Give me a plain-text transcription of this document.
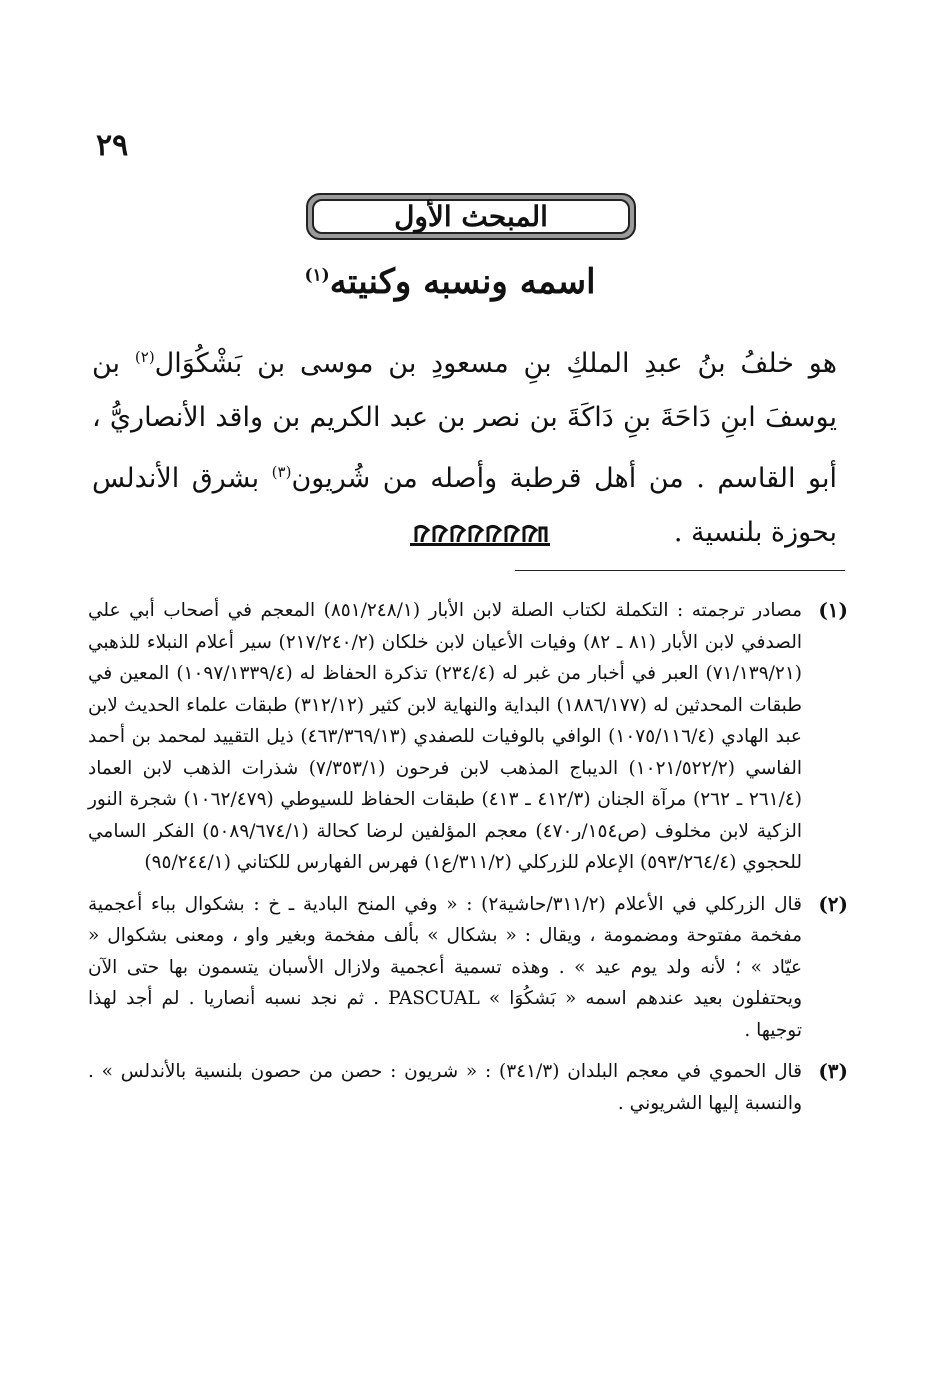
٢٩
المبحث الأول
اسمه ونسبه وكنيته$^{(١)}$
هو خلفُ بنُ عبدِ الملكِ بنِ مسعودِ بن موسى بن بَشْكُوَال$^{(٢)}$ بن يوسفَ ابنِ دَاحَةَ بنِ دَاكَةَ بن نصر بن عبد الكريم بن واقد الأنصاريُّ ، أبو القاسم . من أهل قرطبة وأصله من شُريون$^{(٣)}$ بشرق الأندلس بحوزة بلنسية .
(١)
مصادر ترجمته : التكملة لكتاب الصلة لابن الأبار (٨٥١/٢٤٨/١) المعجم في أصحاب أبي علي الصدفي لابن الأبار (٨١ ـ ٨٢) وفيات الأعيان لابن خلكان (٢١٧/٢٤٠/٢) سير أعلام النبلاء للذهبي (٧١/١٣٩/٢١) العبر في أخبار من غبر له (٢٣٤/٤) تذكرة الحفاظ له (١٠٩٧/١٣٣٩/٤) المعين في طبقات المحدثين له (١٨٨٦/١٧٧) البداية والنهاية لابن كثير (٣١٢/١٢) طبقات علماء الحديث لابن عبد الهادي (١٠٧٥/١١٦/٤) الوافي بالوفيات للصفدي (٤٦٣/٣٦٩/١٣) ذيل التقييد لمحمد بن أحمد الفاسي (١٠٢١/٥٢٢/٢) الديباج المذهب لابن فرحون (٧/٣٥٣/١) شذرات الذهب لابن العماد (٢٦١/٤ ـ ٢٦٢) مرآة الجنان (٤١٢/٣ ـ ٤١٣) طبقات الحفاظ للسيوطي (١٠٦٢/٤٧٩) شجرة النور الزكية لابن مخلوف (ص١٥٤/ر٤٧٠) معجم المؤلفين لرضا كحالة (٥٠٨٩/٦٧٤/١) الفكر السامي للحجوي (٥٩٣/٢٦٤/٤) الإعلام للزركلي (٣١١/٢/ع١) فهرس الفهارس للكتاني (٩٥/٢٤٤/١)
(٢)
قال الزركلي في الأعلام (٣١١/٢/حاشية٢) : « وفي المنح البادية ـ خ : بشكوال بباء أعجمية مفخمة مفتوحة ومضمومة ، ويقال : « بشكال » بألف مفخمة وبغير واو ، ومعنى بشكوال « عيّاد » ؛ لأنه ولد يوم عيد » . وهذه تسمية أعجمية ولازال الأسبان يتسمون بها حتى الآن ويحتفلون بعيد عندهم اسمه « بَشكُوَا » PASCUAL . ثم نجد نسبه أنصاريا . لم أجد لهذا توجيها .
(٣)
قال الحموي في معجم البلدان (٣٤١/٣) : « شريون : حصن من حصون بلنسية بالأندلس » . والنسبة إليها الشريوني .
